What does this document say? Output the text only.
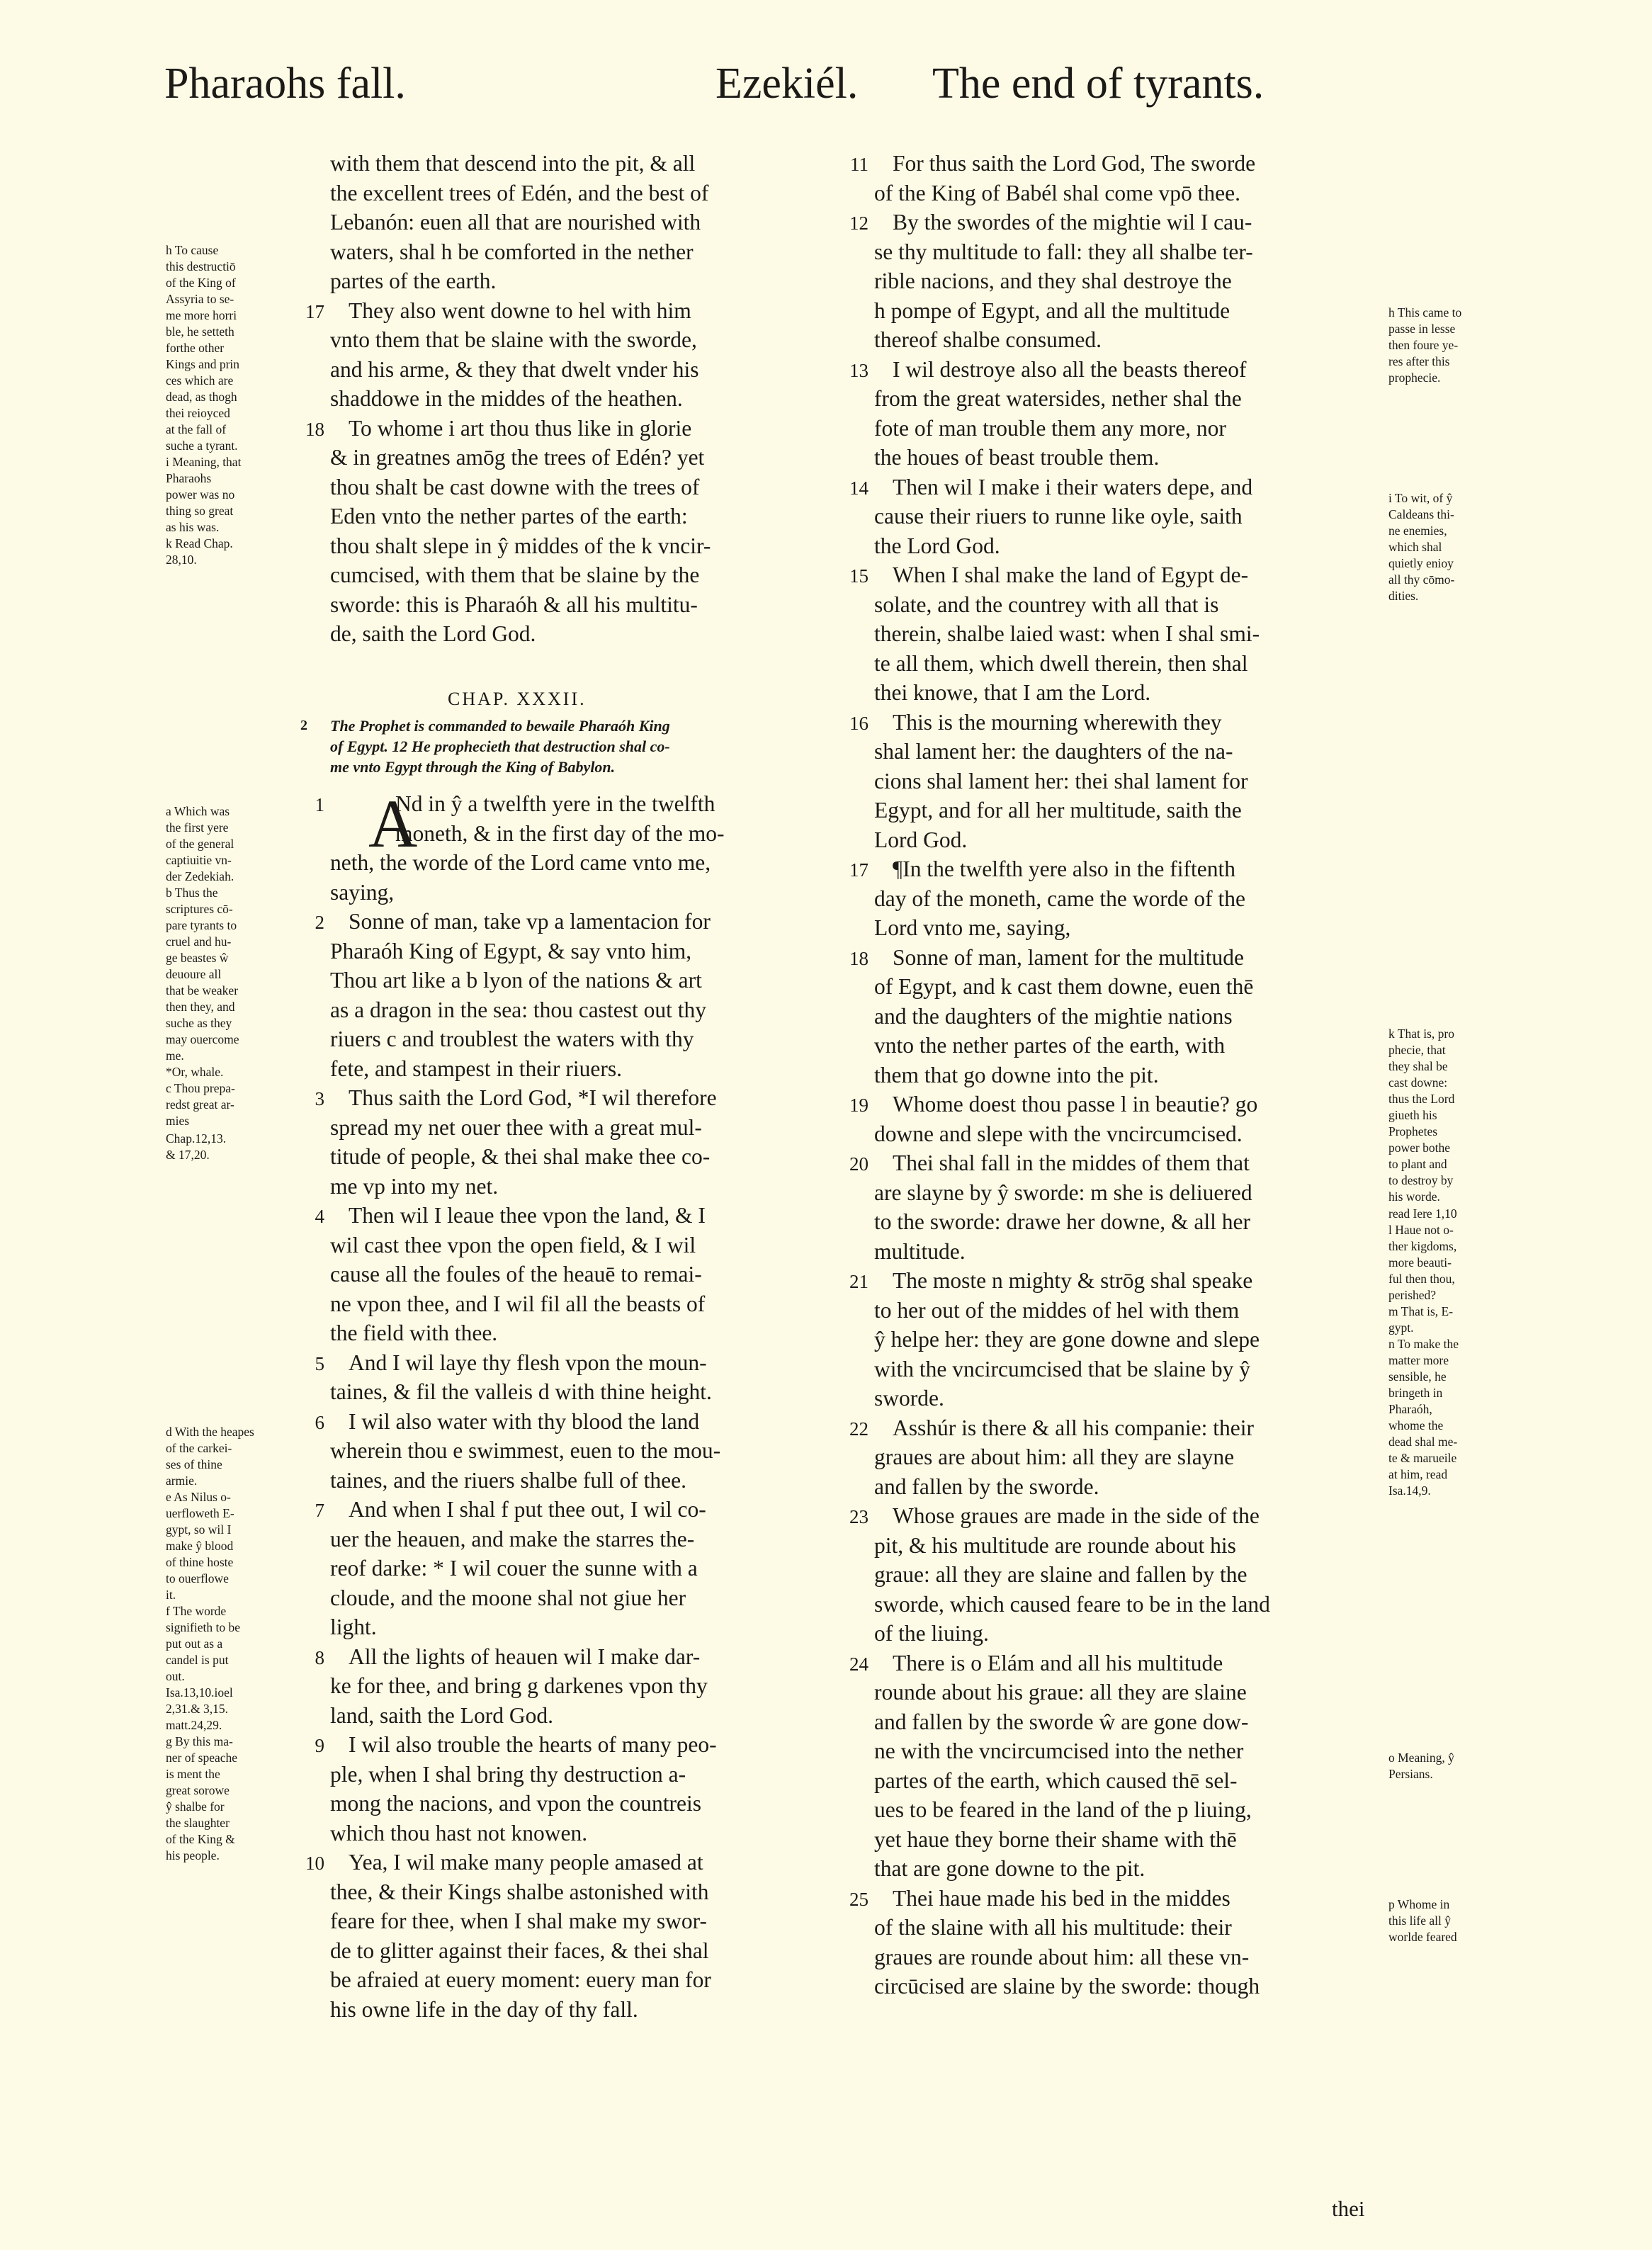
Pharaohs fall.	Ezekiél. The end of tyrants.
with them that descend into the pit, & all
the excellent trees of Edén, and the best of
Lebanón: euen all that are nourished with
waters, shal h be comforted in the nether
partes of the earth.
17 They also went downe to hel with him
vnto them that be slaine with the sworde,
and his arme, & they that dwelt vnder his
shaddowe in the middes of the heathen.
18 To whome i art thou thus like in glorie
& in greatnes amōg the trees of Edén? yet
thou shalt be cast downe with the trees of
Eden vnto the nether partes of the earth:
thou shalt slepe in ŷ middes of the k vncir-
cumcised, with them that be slaine by the
sworde: this is Pharaóh & all his multitu-
de, saith the Lord God.
CHAP. XXXII.
2 The Prophet is commanded to bewaile Pharaóh King
of Egypt. 12 He prophecieth that destruction shal co-
me vnto Egypt through the King of Babylon.
A
1	Nd in ŷ a twelfth yere in the twelfth
moneth, & in the first day of the mo-
neth, the worde of the Lord came vnto me,
saying,
2 Sonne of man, take vp a lamentacion for
Pharaóh King of Egypt, & say vnto him,
Thou art like a b lyon of the nations & art
as a dragon in the sea: thou castest out thy
riuers c and troublest the waters with thy
fete, and stampest in their riuers.
3 Thus saith the Lord God, *I wil therefore
spread my net ouer thee with a great mul-
titude of people, & thei shal make thee co-
me vp into my net.
4 Then wil I leaue thee vpon the land, & I
wil cast thee vpon the open field, & I wil
cause all the foules of the heauē to remai-
ne vpon thee, and I wil fil all the beasts of
the field with thee.
5 And I wil laye thy flesh vpon the moun-
taines, & fil the valleis d with thine height.
6 I wil also water with thy blood the land
wherein thou e swimmest, euen to the mou-
taines, and the riuers shalbe full of thee.
7 And when I shal f put thee out, I wil co-
uer the heauen, and make the starres the-
reof darke: * I wil couer the sunne with a
cloude, and the moone shal not giue her
light.
8 All the lights of heauen wil I make dar-
ke for thee, and bring g darkenes vpon thy
land, saith the Lord God.
9 I wil also trouble the hearts of many peo-
ple, when I shal bring thy destruction a-
mong the nacions, and vpon the countreis
which thou hast not knowen.
10 Yea, I wil make many people amased at
thee, & their Kings shalbe astonished with
feare for thee, when I shal make my swor-
de to glitter against their faces, & thei shal
be afraied at euery moment: euery man for
his owne life in the day of thy fall.
11 For thus saith the Lord God, The sworde
of the King of Babél shal come vpō thee.
12 By the swordes of the mightie wil I cau-
se thy multitude to fall: they all shalbe ter-
rible nacions, and they shal destroye the
h pompe of Egypt, and all the multitude
thereof shalbe consumed.
13 I wil destroye also all the beasts thereof
from the great watersides, nether shal the
fote of man trouble them any more, nor
the houes of beast trouble them.
14 Then wil I make i their waters depe, and
cause their riuers to runne like oyle, saith
the Lord God.
15 When I shal make the land of Egypt de-
solate, and the countrey with all that is
therein, shalbe laied wast: when I shal smi-
te all them, which dwell therein, then shal
thei knowe, that I am the Lord.
16 This is the mourning wherewith they
shal lament her: the daughters of the na-
cions shal lament her: thei shal lament for
Egypt, and for all her multitude, saith the
Lord God.
17 ¶In the twelfth yere also in the fiftenth
day of the moneth, came the worde of the
Lord vnto me, saying,
18 Sonne of man, lament for the multitude
of Egypt, and k cast them downe, euen thē
and the daughters of the mightie nations
vnto the nether partes of the earth, with
them that go downe into the pit.
19 Whome doest thou passe l in beautie? go
downe and slepe with the vncircumcised.
20 Thei shal fall in the middes of them that
are slayne by ŷ sworde: m she is deliuered
to the sworde: drawe her downe, & all her
multitude.
21 The moste n mighty & strōg shal speake
to her out of the middes of hel with them
ŷ helpe her: they are gone downe and slepe
with the vncircumcised that be slaine by ŷ
sworde.
22 Asshúr is there & all his companie: their
graues are about him: all they are slayne
and fallen by the sworde.
23 Whose graues are made in the side of the
pit, & his multitude are rounde about his
graue: all they are slaine and fallen by the
sworde, which caused feare to be in the land
of the liuing.
24 There is o Elám and all his multitude
rounde about his graue: all they are slaine
and fallen by the sworde ŵ are gone dow-
ne with the vncircumcised into the nether
partes of the earth, which caused thē sel-
ues to be feared in the land of the p liuing,
yet haue they borne their shame with thē
that are gone downe to the pit.
25 Thei haue made his bed in the middes
of the slaine with all his multitude: their
graues are rounde about him: all these vn-
circūcised are slaine by the sworde: though
h To cause
this destructiō
of the King of
Assyria to se-
me more horri
ble, he setteth
forthe other
Kings and prin
ces which are
dead, as thogh
thei reioyced
at the fall of
suche a tyrant.
i Meaning, that
Pharaohs
power was no
thing so great
as his was.
k Read Chap.
28,10.
a Which was
the first yere
of the general
captiuitie vn-
der Zedekiah.
b Thus the
scriptures cō-
pare tyrants to
cruel and hu-
ge beastes ŵ
deuoure all
that be weaker
then they, and
suche as they
may ouercome
me.
*Or, whale.
c Thou prepa-
redst great ar-
mies
Chap.12,13.
& 17,20.
d With the heapes
of the carkei-
ses of thine
armie.
e As Nilus o-
uerfloweth E-
gypt, so wil I
make ŷ blood
of thine hoste
to ouerflowe
it.
f The worde
signifieth to be
put out as a
candel is put
out.
Isa.13,10.ioel
2,31.& 3,15.
matt.24,29.
g By this ma-
ner of speache
is ment the
great sorowe
ŷ shalbe for
the slaughter
of the King &
his people.
h This came to
passe in lesse
then foure ye-
res after this
prophecie.
i To wit, of ŷ
Caldeans thi-
ne enemies,
which shal
quietly enioy
all thy cōmo-
dities.
k That is, pro
phecie, that
they shal be
cast downe:
thus the Lord
giueth his
Prophetes
power bothe
to plant and
to destroy by
his worde.
read Iere 1,10
l Haue not o-
ther kigdoms,
more beauti-
ful then thou,
perished?
m That is, E-
gypt.
n To make the
matter more
sensible, he
bringeth in
Pharaóh,
whome the
dead shal me-
te & marueile
at him, read
Isa.14,9.
o Meaning, ŷ
Persians.
p Whome in
this life all ŷ
worlde feared
thei
